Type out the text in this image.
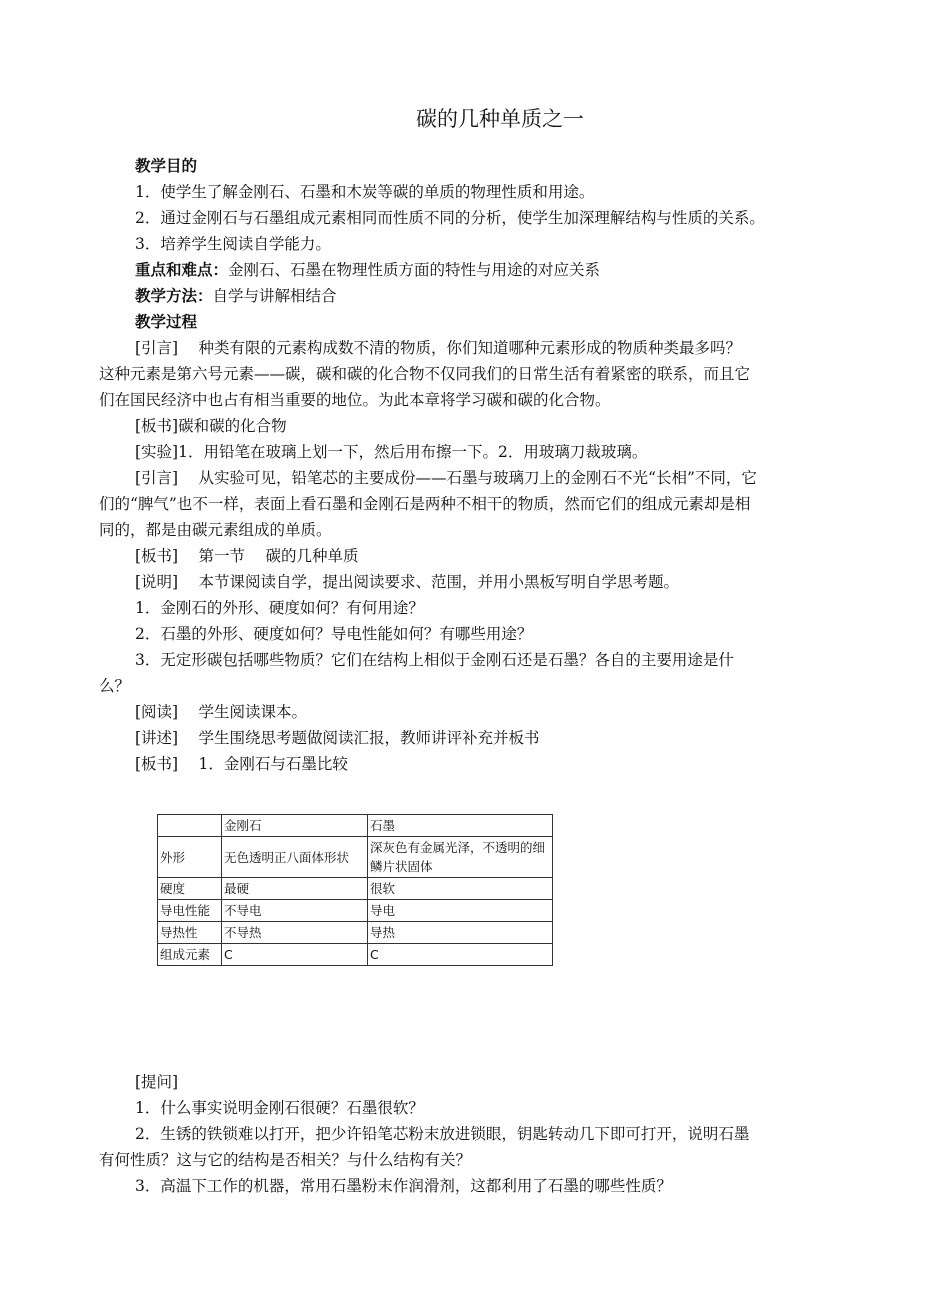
碳的几种单质之一
教学目的
1．使学生了解金刚石、石墨和木炭等碳的单质的物理性质和用途。
2．通过金刚石与石墨组成元素相同而性质不同的分析，使学生加深理解结构与性质的关系。
3．培养学生阅读自学能力。
重点和难点：金刚石、石墨在物理性质方面的特性与用途的对应关系
教学方法：自学与讲解相结合
教学过程
[引言]　 种类有限的元素构成数不清的物质，你们知道哪种元素形成的物质种类最多吗？
这种元素是第六号元素——碳，碳和碳的化合物不仅同我们的日常生活有着紧密的联系，而且它
们在国民经济中也占有相当重要的地位。为此本章将学习碳和碳的化合物。
[板书]碳和碳的化合物
[实验]1．用铅笔在玻璃上划一下，然后用布擦一下。2．用玻璃刀裁玻璃。
[引言]　 从实验可见，铅笔芯的主要成份——石墨与玻璃刀上的金刚石不光“长相”不同，它
们的“脾气”也不一样，表面上看石墨和金刚石是两种不相干的物质，然而它们的组成元素却是相
同的，都是由碳元素组成的单质。
[板书]　 第一节　 碳的几种单质
[说明]　 本节课阅读自学，提出阅读要求、范围，并用小黑板写明自学思考题。
1．金刚石的外形、硬度如何？有何用途？
2．石墨的外形、硬度如何？导电性能如何？有哪些用途？
3．无定形碳包括哪些物质？它们在结构上相似于金刚石还是石墨？各自的主要用途是什
么？
[阅读]　 学生阅读课本。
[讲述]　 学生围绕思考题做阅读汇报，教师讲评补充并板书
[板书]　 1．金刚石与石墨比较
	金刚石	石墨
外形	无色透明正八面体形状	深灰色有金属光泽，不透明的细鳞片状固体
硬度	最硬	很软
导电性能	不导电	导电
导热性	不导热	导热
组成元素	C	C
[提问]
1．什么事实说明金刚石很硬？石墨很软？
2．生锈的铁锁难以打开，把少许铅笔芯粉末放进锁眼，钥匙转动几下即可打开，说明石墨
有何性质？这与它的结构是否相关？与什么结构有关？
3．高温下工作的机器，常用石墨粉末作润滑剂，这都利用了石墨的哪些性质？
